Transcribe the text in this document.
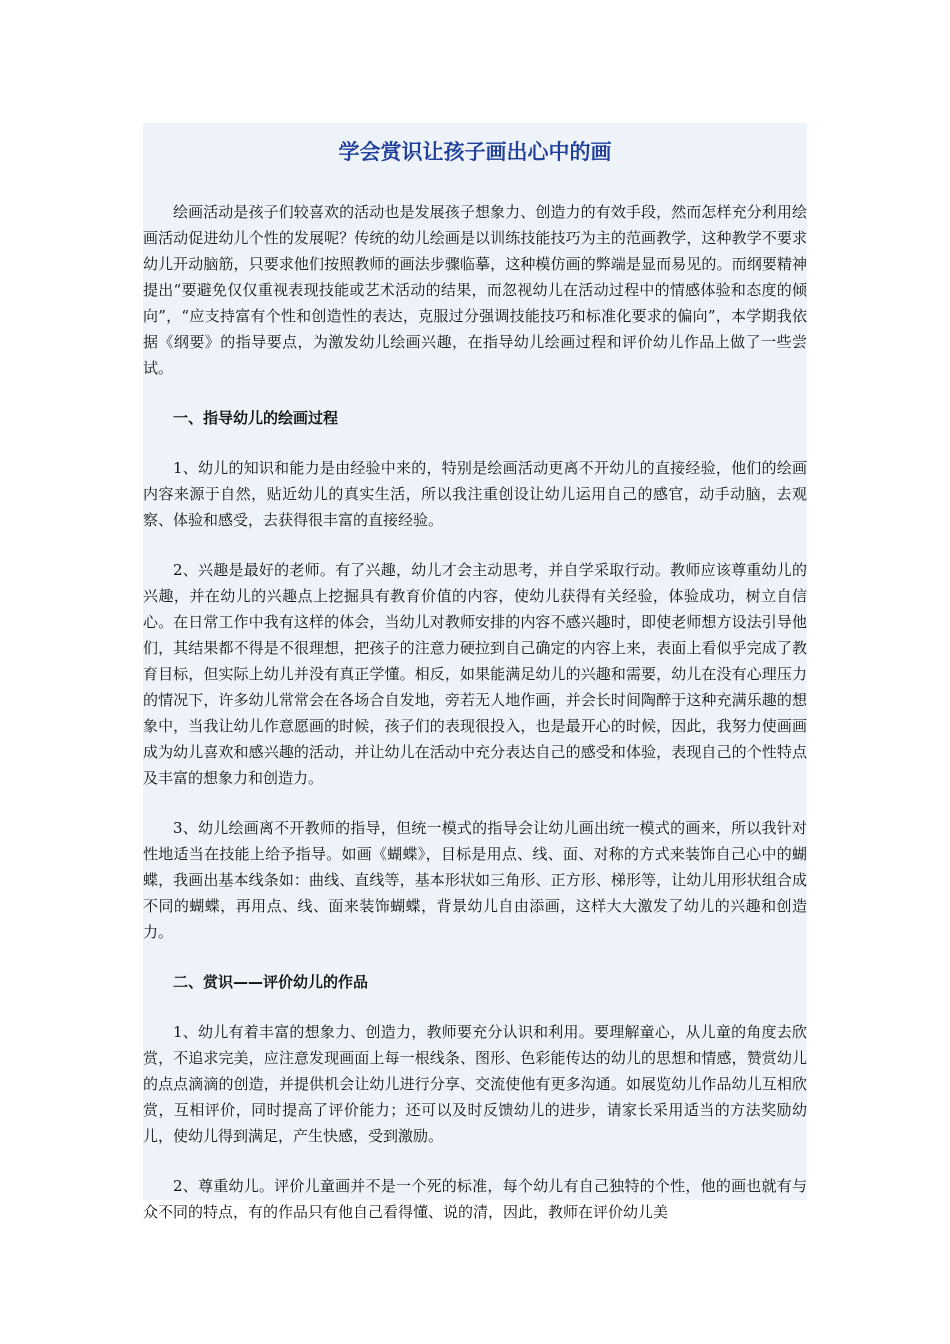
学会赏识让孩子画出心中的画

绘画活动是孩子们较喜欢的活动也是发展孩子想象力、创造力的有效手段，然而怎样充分利用绘画活动促进幼儿个性的发展呢？传统的幼儿绘画是以训练技能技巧为主的范画教学，这种教学不要求幼儿开动脑筋，只要求他们按照教师的画法步骤临摹，这种模仿画的弊端是显而易见的。而纲要精神提出“要避免仅仅重视表现技能或艺术活动的结果，而忽视幼儿在活动过程中的情感体验和态度的倾向”，“应支持富有个性和创造性的表达，克服过分强调技能技巧和标准化要求的偏向”，本学期我依据《纲要》的指导要点，为激发幼儿绘画兴趣，在指导幼儿绘画过程和评价幼儿作品上做了一些尝试。

一、指导幼儿的绘画过程

1、幼儿的知识和能力是由经验中来的，特别是绘画活动更离不开幼儿的直接经验，他们的绘画内容来源于自然，贴近幼儿的真实生活，所以我注重创设让幼儿运用自己的感官，动手动脑，去观察、体验和感受，去获得很丰富的直接经验。

2、兴趣是最好的老师。有了兴趣，幼儿才会主动思考，并自学采取行动。教师应该尊重幼儿的兴趣，并在幼儿的兴趣点上挖掘具有教育价值的内容，使幼儿获得有关经验，体验成功，树立自信心。在日常工作中我有这样的体会，当幼儿对教师安排的内容不感兴趣时，即使老师想方设法引导他们，其结果都不得是不很理想，把孩子的注意力硬拉到自己确定的内容上来，表面上看似乎完成了教育目标，但实际上幼儿并没有真正学懂。相反，如果能满足幼儿的兴趣和需要，幼儿在没有心理压力的情况下，许多幼儿常常会在各场合自发地，旁若无人地作画，并会长时间陶醉于这种充满乐趣的想象中，当我让幼儿作意愿画的时候，孩子们的表现很投入，也是最开心的时候，因此，我努力使画画成为幼儿喜欢和感兴趣的活动，并让幼儿在活动中充分表达自己的感受和体验，表现自己的个性特点及丰富的想象力和创造力。

3、幼儿绘画离不开教师的指导，但统一模式的指导会让幼儿画出统一模式的画来，所以我针对性地适当在技能上给予指导。如画《蝴蝶》，目标是用点、线、面、对称的方式来装饰自己心中的蝴蝶，我画出基本线条如：曲线、直线等，基本形状如三角形、正方形、梯形等，让幼儿用形状组合成不同的蝴蝶，再用点、线、面来装饰蝴蝶，背景幼儿自由添画，这样大大激发了幼儿的兴趣和创造力。

二、赏识——评价幼儿的作品

1、幼儿有着丰富的想象力、创造力，教师要充分认识和利用。要理解童心，从儿童的角度去欣赏，不追求完美，应注意发现画面上每一根线条、图形、色彩能传达的幼儿的思想和情感，赞赏幼儿的点点滴滴的创造，并提供机会让幼儿进行分享、交流使他有更多沟通。如展览幼儿作品幼儿互相欣赏，互相评价，同时提高了评价能力；还可以及时反馈幼儿的进步，请家长采用适当的方法奖励幼儿，使幼儿得到满足，产生快感，受到激励。

2、尊重幼儿。评价儿童画并不是一个死的标准，每个幼儿有自己独特的个性，他的画也就有与众不同的特点，有的作品只有他自己看得懂、说的清，因此，教师在评价幼儿美
